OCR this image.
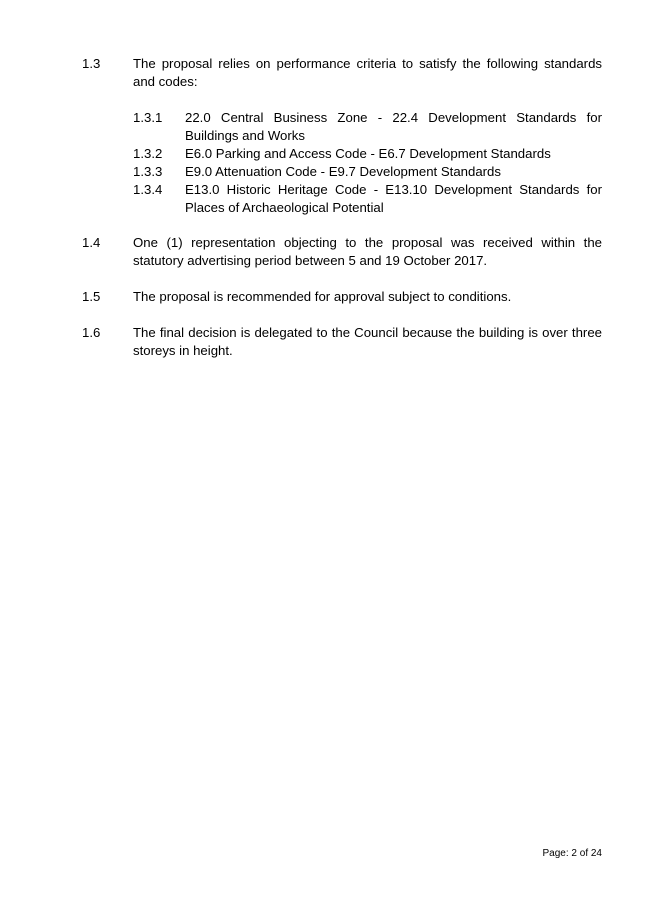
1.3 The proposal relies on performance criteria to satisfy the following standards and codes:
1.3.1 22.0 Central Business Zone - 22.4 Development Standards for Buildings and Works
1.3.2 E6.0 Parking and Access Code - E6.7 Development Standards
1.3.3 E9.0 Attenuation Code - E9.7 Development Standards
1.3.4 E13.0 Historic Heritage Code - E13.10 Development Standards for Places of Archaeological Potential
1.4 One (1) representation objecting to the proposal was received within the statutory advertising period between 5 and 19 October 2017.
1.5 The proposal is recommended for approval subject to conditions.
1.6 The final decision is delegated to the Council because the building is over three storeys in height.
Page: 2 of 24
